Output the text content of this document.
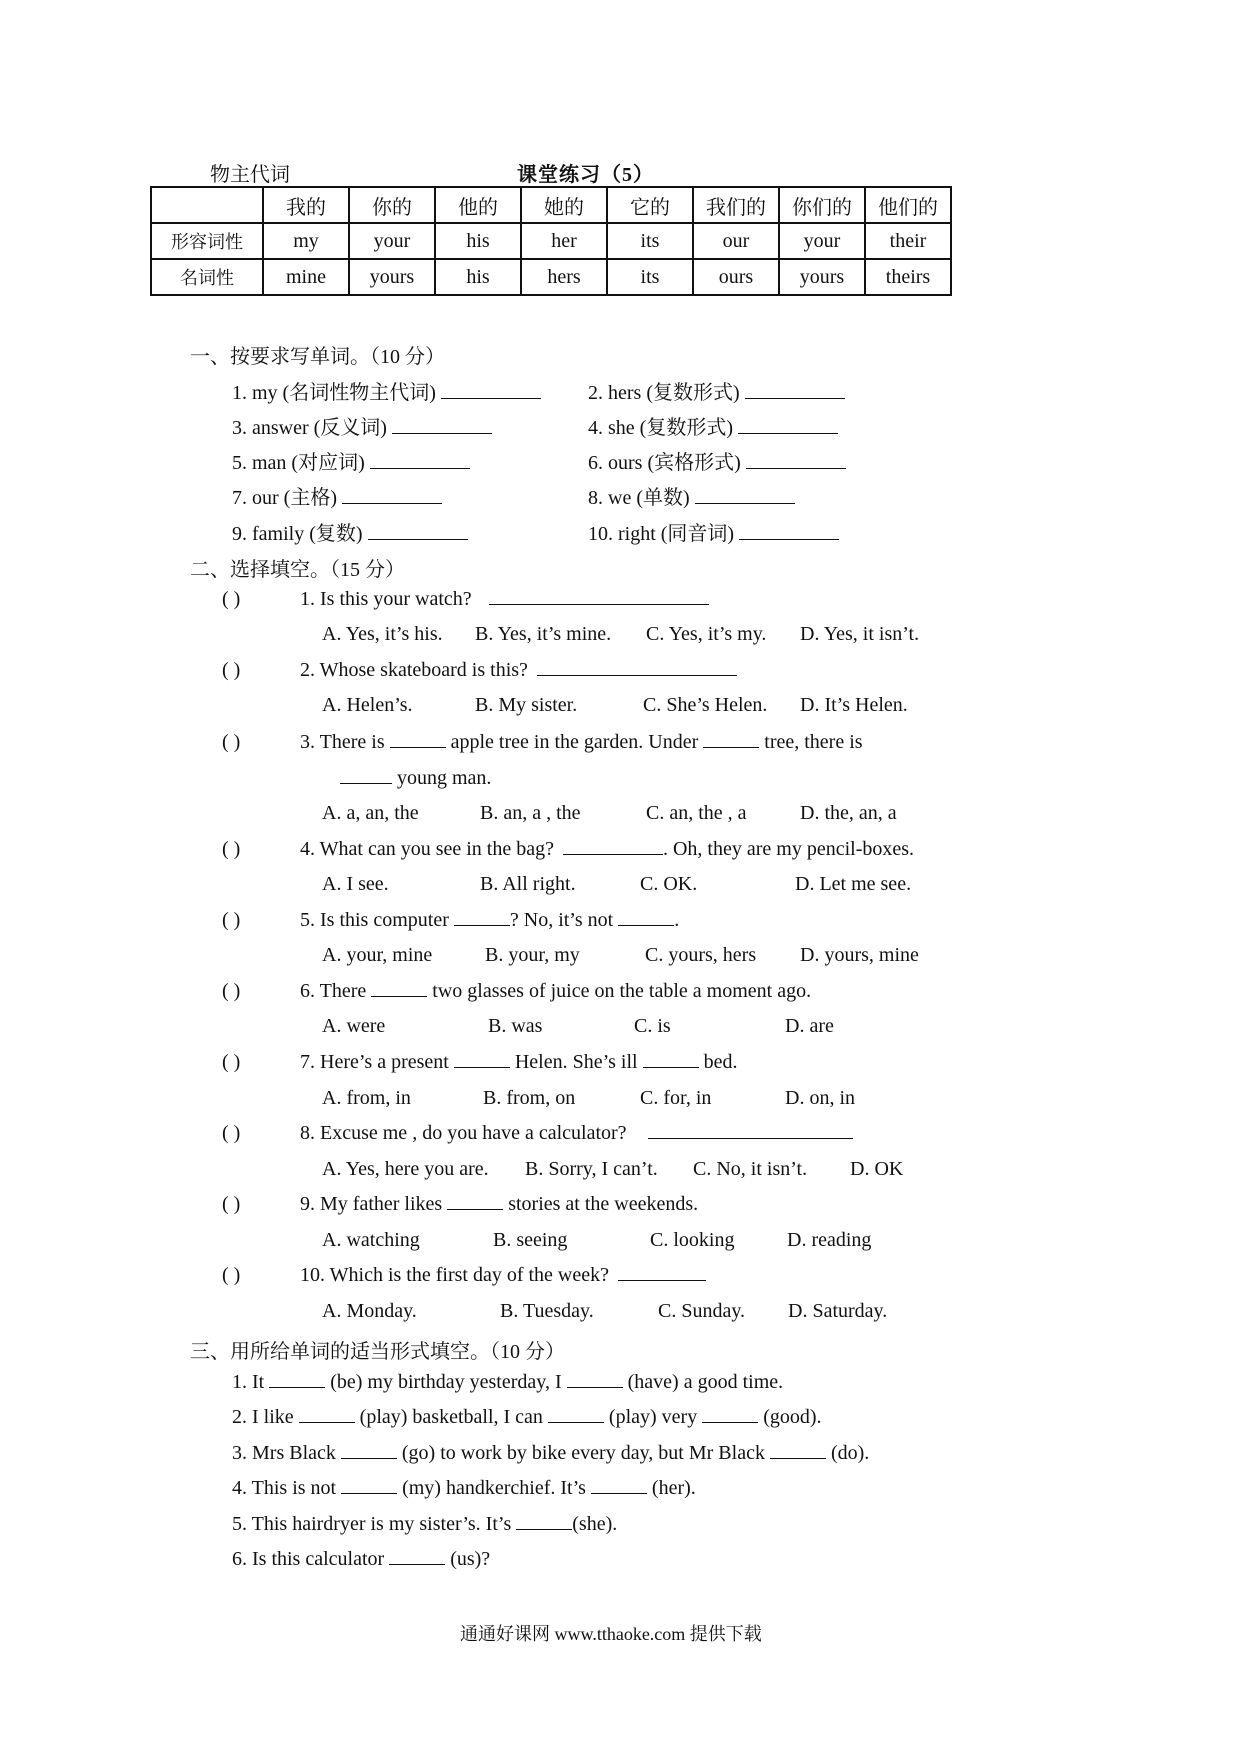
物主代词	课堂练习（5）
	我的	你的	他的	她的	它的	我们的	你们的	他们的
形容词性	my	your	his	her	its	our	your	their
名词性	mine	yours	his	hers	its	ours	yours	theirs
一、按要求写单词。（10 分）
1. my (名词性物主代词)	2. hers (复数形式)
3. answer (反义词)	4. she (复数形式)
5. man (对应词)	6. ours (宾格形式)
7. our (主格)	8. we (单数)
9. family (复数)	10. right (同音词)
二、选择填空。（15 分）
( )	1. Is this your watch?
A. Yes, it’s his. B. Yes, it’s mine. C. Yes, it’s my. D. Yes, it isn’t.
( )	2. Whose skateboard is this?
A. Helen’s.	B. My sister.	C. She’s Helen. D. It’s Helen.
( )	3. There is	apple tree in the garden. Under	tree, there is
young man.
A. a, an, the	B. an, a , the	C. an, the , a	D. the, an, a
( )	4. What can you see in the bag?	. Oh, they are my pencil-boxes.
A. I see.	B. All right.	C. OK.	D. Let me see.
( )	5. Is this computer	? No, it’s not	.
A. your, mine	B. your, my	C. yours, hers D. yours, mine
( )	6. There	two glasses of juice on the table a moment ago.
A. were	B. was	C. is	D. are
( )	7. Here’s a present	Helen. She’s ill	bed.
A. from, in	B. from, on	C. for, in	D. on, in
( )	8. Excuse me , do you have a calculator?
A. Yes, here you are. B. Sorry, I can’t. C. No, it isn’t. D. OK
( )	9. My father likes	stories at the weekends.
A. watching	B. seeing	C. looking	D. reading
( )	10. Which is the first day of the week?
A. Monday.	B. Tuesday.	C. Sunday. D. Saturday.
三、用所给单词的适当形式填空。（10 分）
1. It	(be) my birthday yesterday, I	(have) a good time.
2. I like	(play) basketball, I can	(play) very	(good).
3. Mrs Black	(go) to work by bike every day, but Mr Black	(do).
4. This is not	(my) handkerchief. It’s	(her).
5. This hairdryer is my sister’s. It’s	(she).
6. Is this calculator	(us)?
通通好课网 www.tthaoke.com 提供下载
